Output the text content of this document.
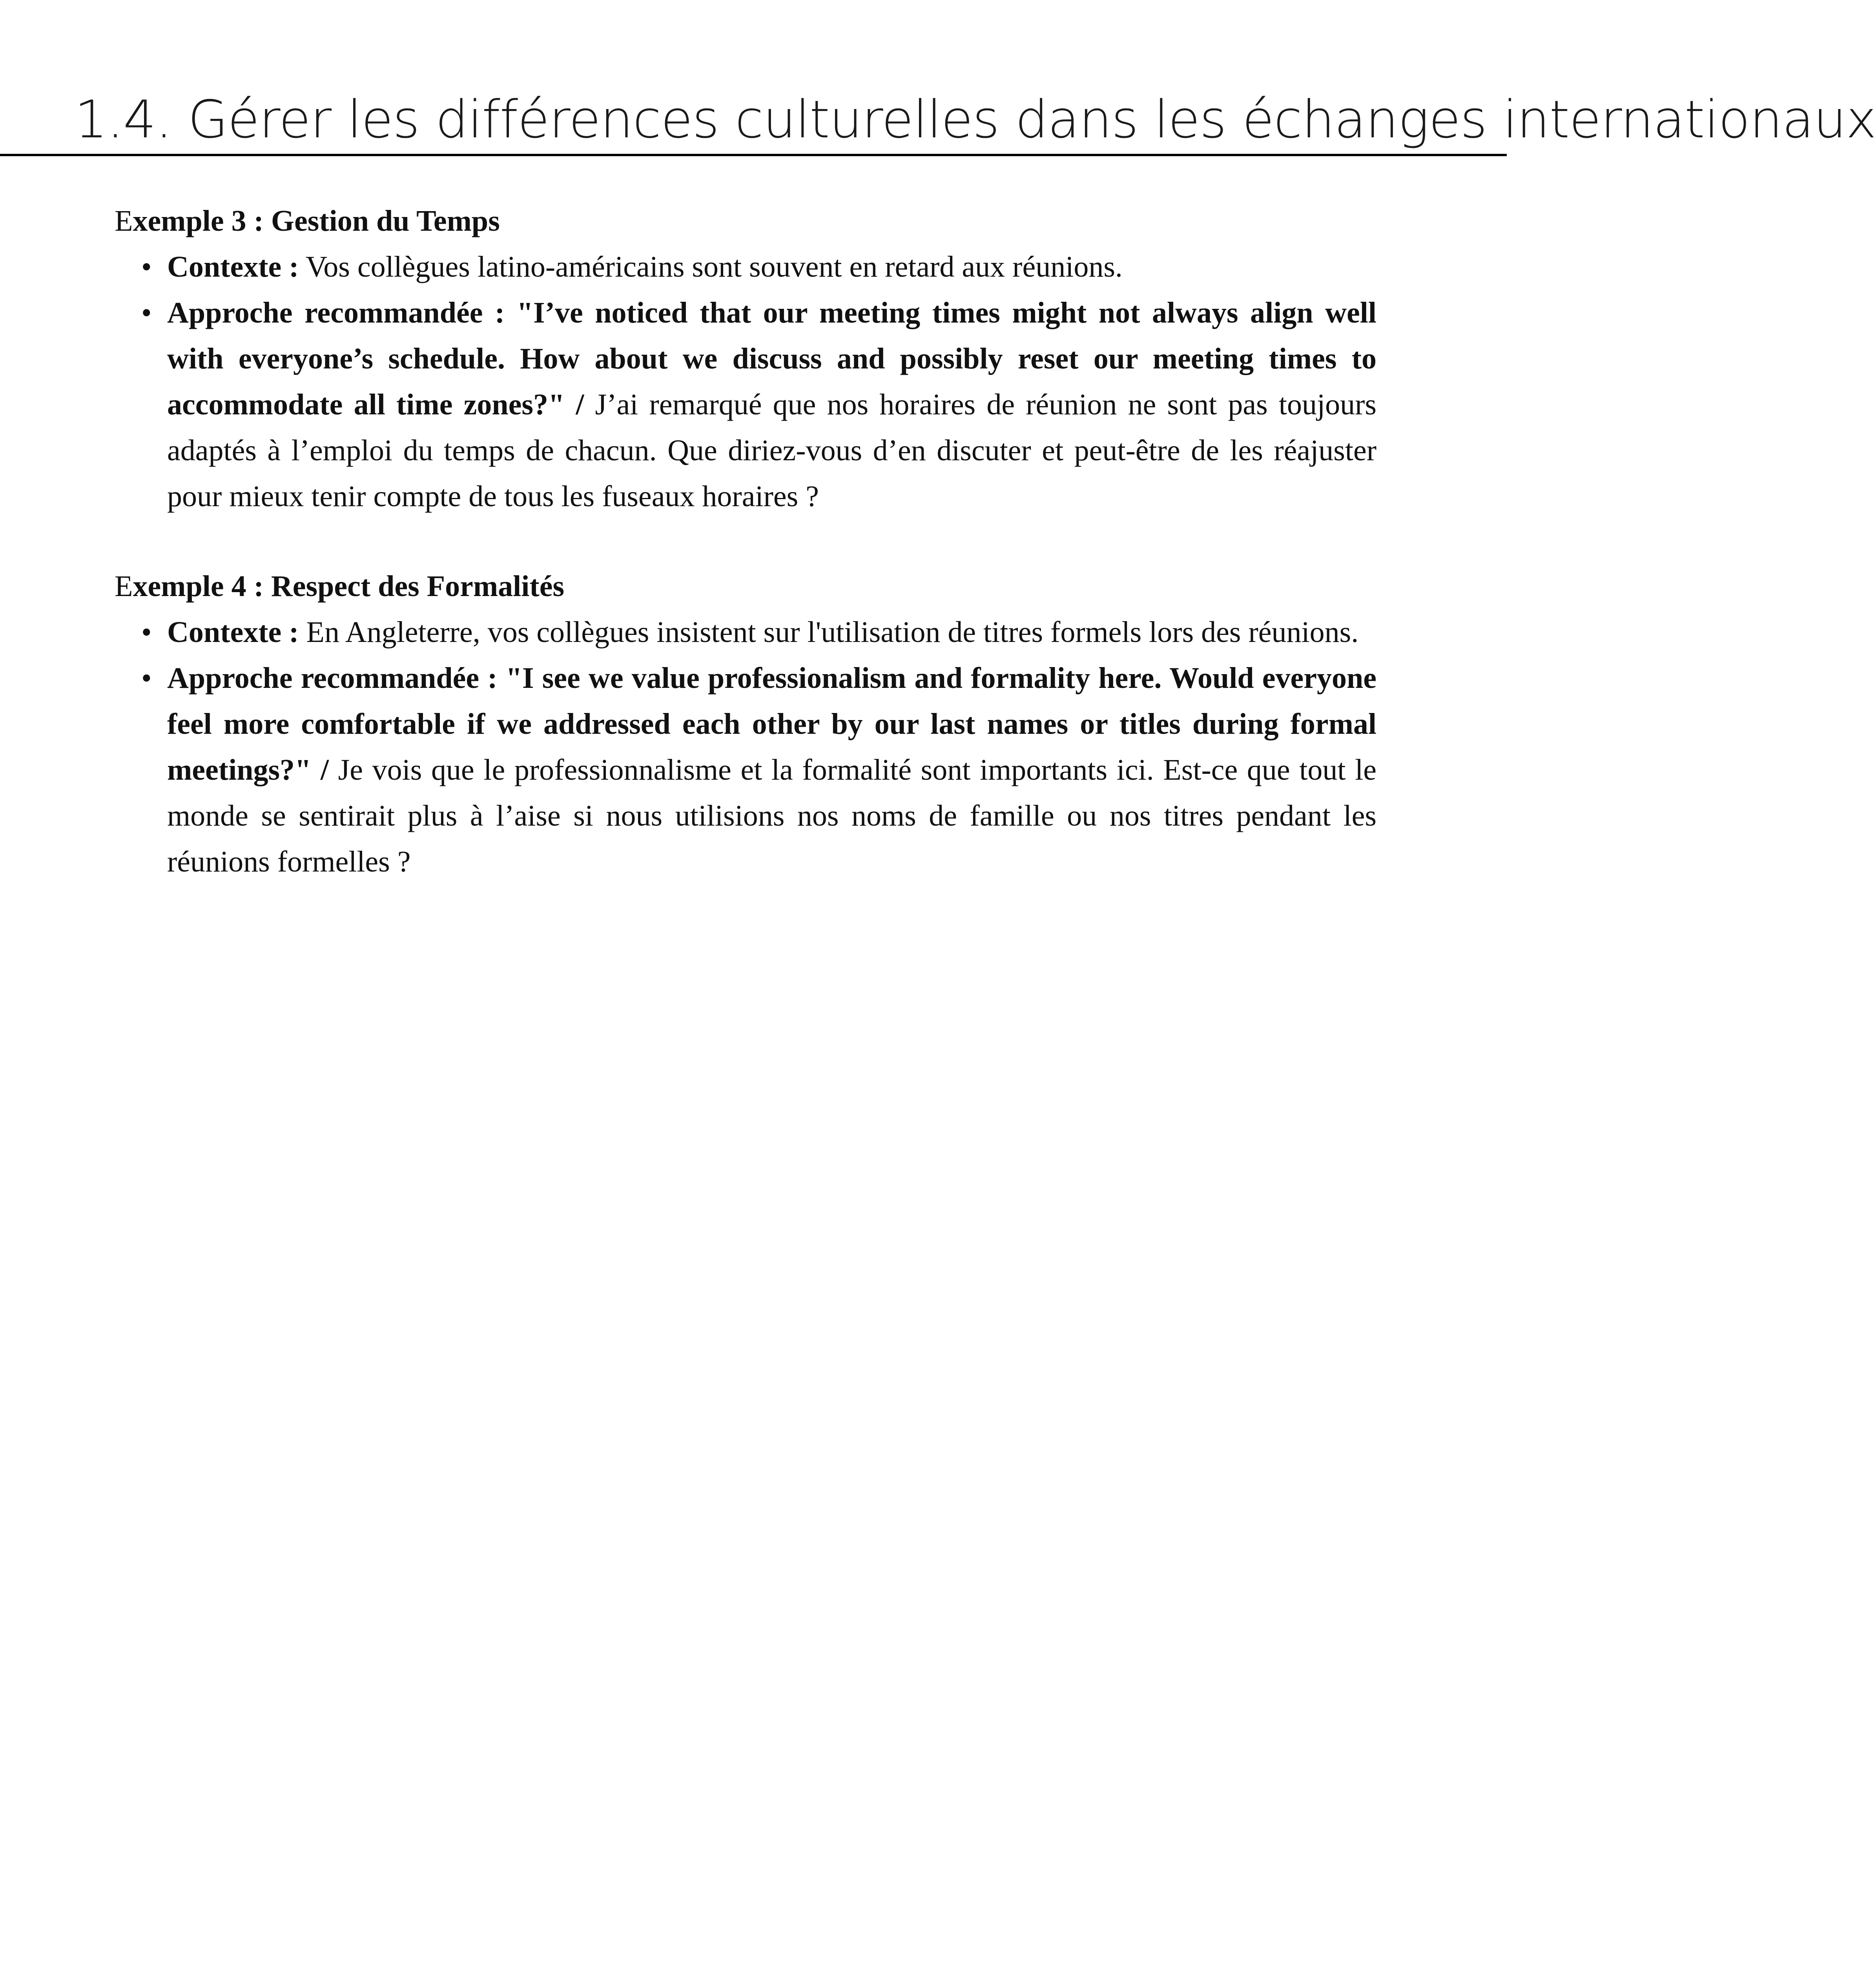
1.4. Gérer les différences culturelles dans les échanges internationaux

Exemple 3 : Gestion du Temps

• Contexte : Vos collègues latino-américains sont souvent en retard aux réunions.
• Approche recommandée : "I’ve noticed that our meeting times might not always align well with everyone’s schedule. How about we discuss and possibly reset our meeting times to accommodate all time zones?" / J’ai remarqué que nos horaires de réunion ne sont pas toujours adaptés à l’emploi du temps de chacun. Que diriez-vous d’en discuter et peut-être de les réajuster pour mieux tenir compte de tous les fuseaux horaires ?

Exemple 4 : Respect des Formalités

• Contexte : En Angleterre, vos collègues insistent sur l'utilisation de titres formels lors des réunions.
• Approche recommandée : "I see we value professionalism and formality here. Would everyone feel more comfortable if we addressed each other by our last names or titles during formal meetings?" / Je vois que le professionnalisme et la formalité sont importants ici. Est-ce que tout le monde se sentirait plus à l’aise si nous utilisions nos noms de famille ou nos titres pendant les réunions formelles ?
